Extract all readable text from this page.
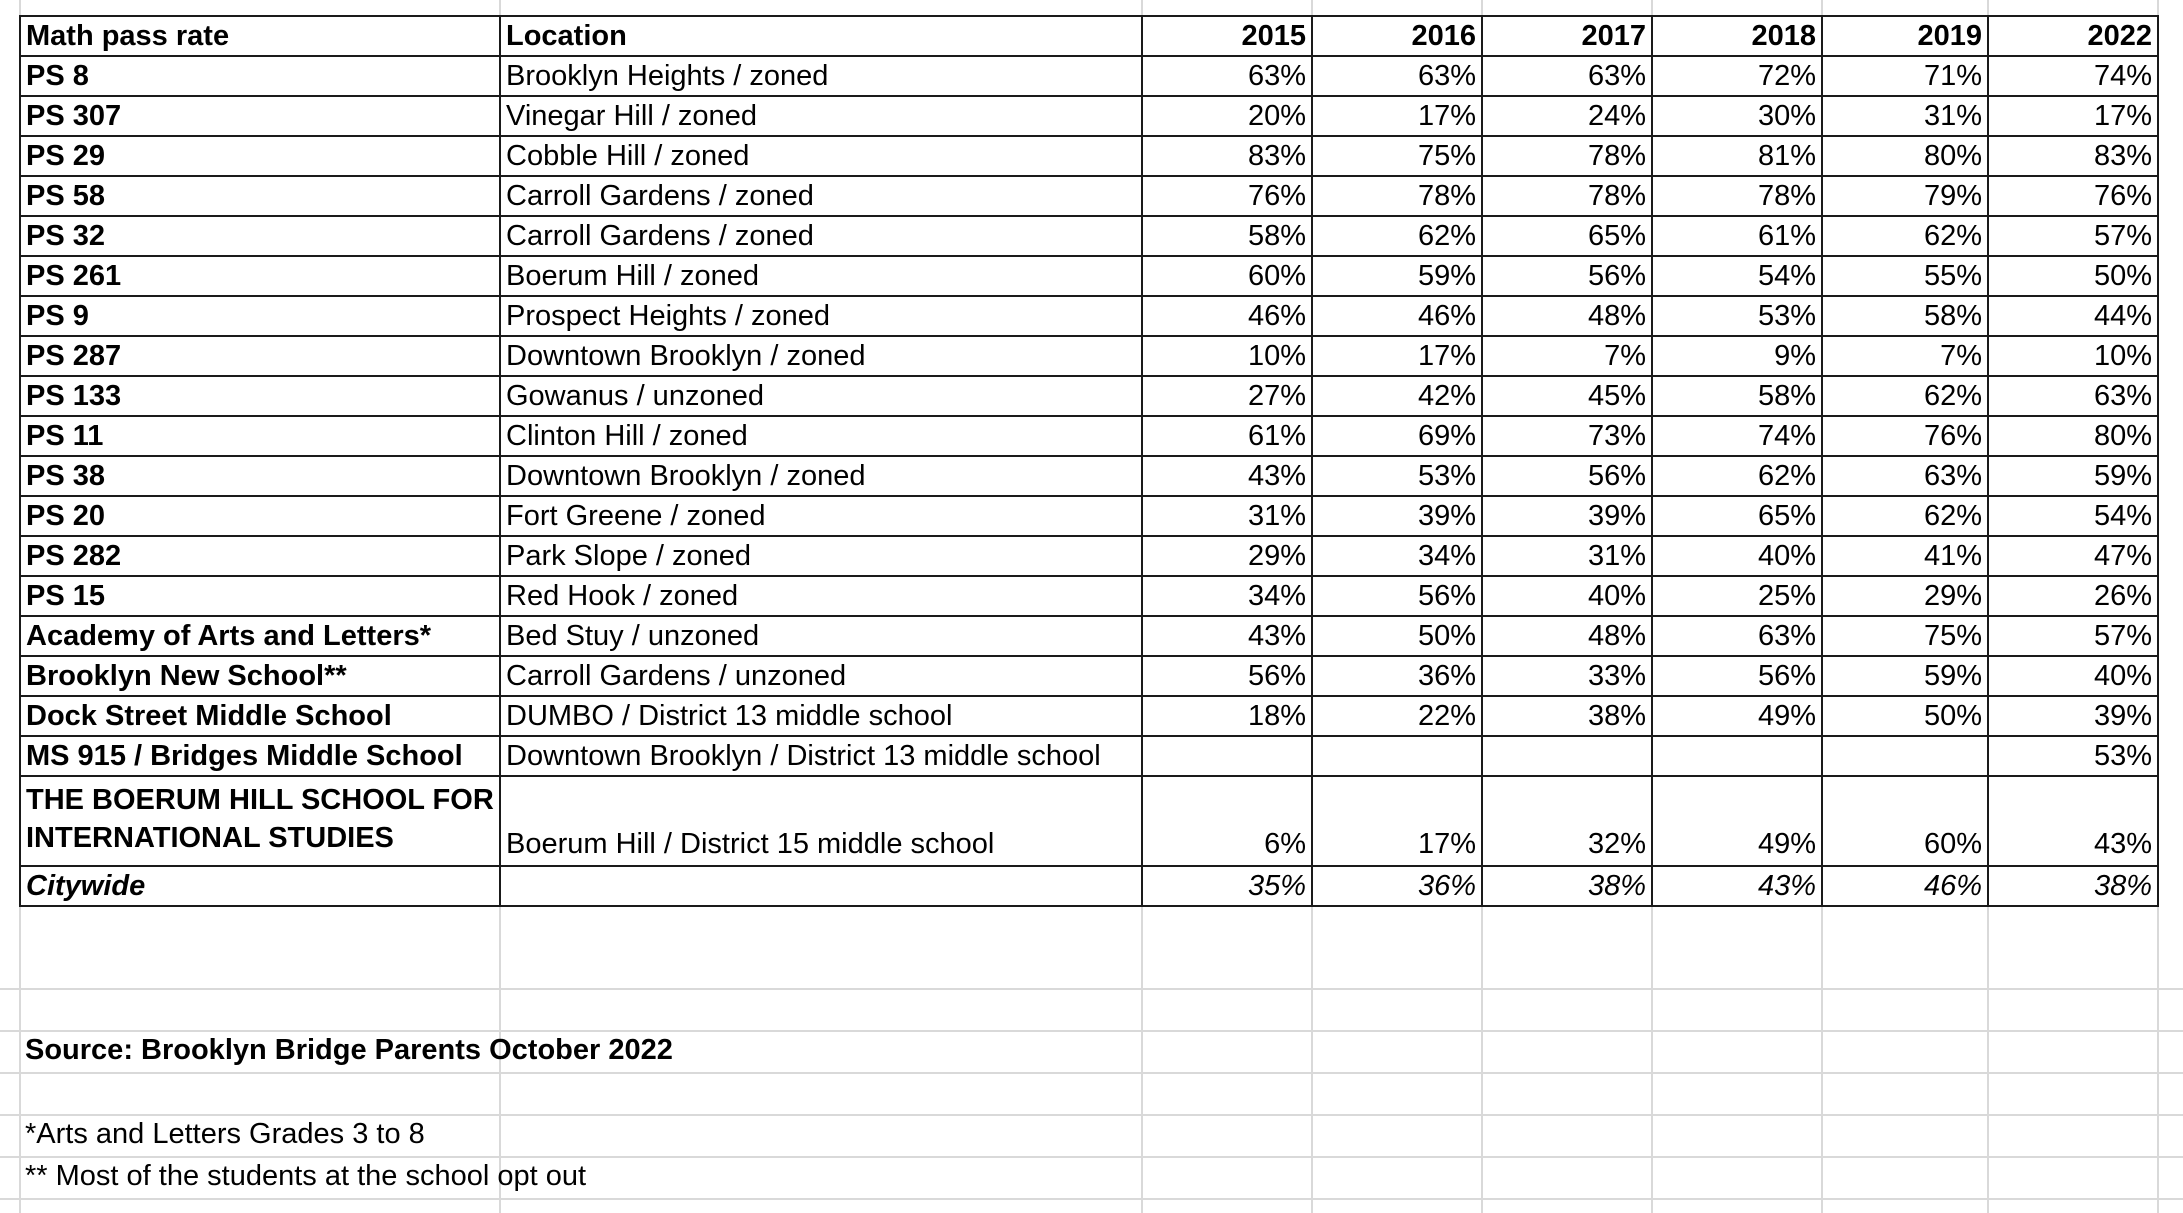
Math pass rate	Location	2015	2016	2017	2018	2019	2022
PS 8	Brooklyn Heights / zoned	63%	63%	63%	72%	71%	74%
PS 307	Vinegar Hill / zoned	20%	17%	24%	30%	31%	17%
PS 29	Cobble Hill / zoned	83%	75%	78%	81%	80%	83%
PS 58	Carroll Gardens / zoned	76%	78%	78%	78%	79%	76%
PS 32	Carroll Gardens / zoned	58%	62%	65%	61%	62%	57%
PS 261	Boerum Hill / zoned	60%	59%	56%	54%	55%	50%
PS 9	Prospect Heights / zoned	46%	46%	48%	53%	58%	44%
PS 287	Downtown Brooklyn / zoned	10%	17%	7%	9%	7%	10%
PS 133	Gowanus / unzoned	27%	42%	45%	58%	62%	63%
PS 11	Clinton Hill / zoned	61%	69%	73%	74%	76%	80%
PS 38	Downtown Brooklyn / zoned	43%	53%	56%	62%	63%	59%
PS 20	Fort Greene / zoned	31%	39%	39%	65%	62%	54%
PS 282	Park Slope / zoned	29%	34%	31%	40%	41%	47%
PS 15	Red Hook / zoned	34%	56%	40%	25%	29%	26%
Academy of Arts and Letters*	Bed Stuy / unzoned	43%	50%	48%	63%	75%	57%
Brooklyn New School**	Carroll Gardens / unzoned	56%	36%	33%	56%	59%	40%
Dock Street Middle School	DUMBO / District 13 middle school	18%	22%	38%	49%	50%	39%
MS 915 / Bridges Middle School	Downtown Brooklyn / District 13 middle school						53%
THE BOERUM HILL SCHOOL FOR INTERNATIONAL STUDIES	Boerum Hill / District 15 middle school	6%	17%	32%	49%	60%	43%
Citywide		35%	36%	38%	43%	46%	38%
Source: Brooklyn Bridge Parents October 2022
*Arts and Letters Grades 3 to 8
** Most of the students at the school opt out
